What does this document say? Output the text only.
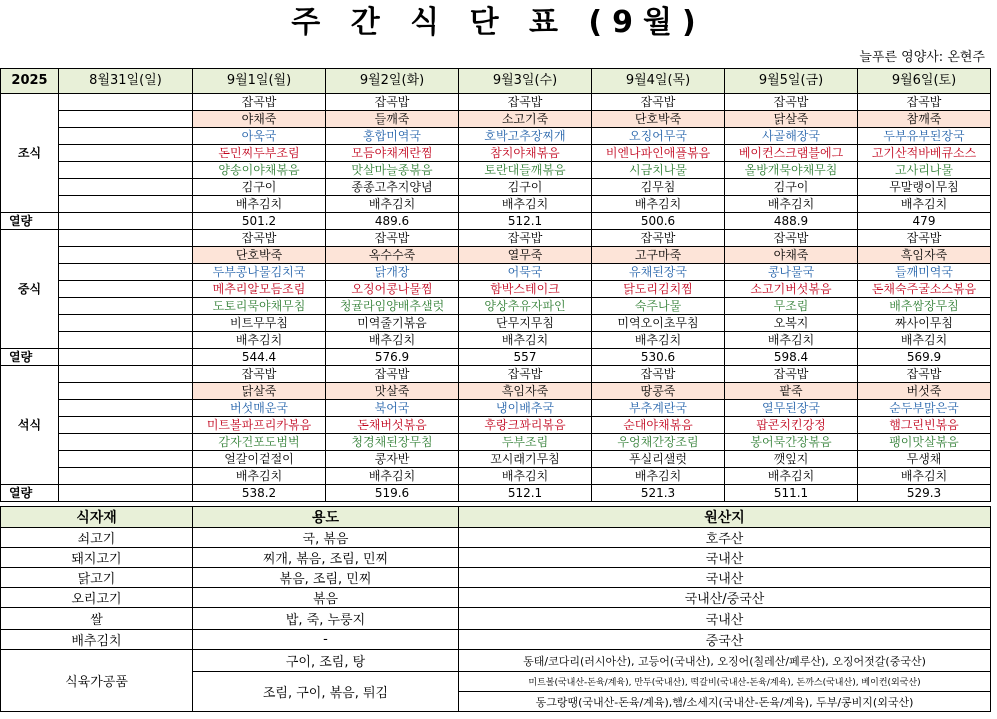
주 간 식 단 표 (9월)
늘푸른 영양사: 온현주
2025	8월31일(일)	9월1일(월)	9월2일(화)	9월3일(수)	9월4일(목)	9월5일(금)	9월6일(토)
조식		잡곡밥	잡곡밥	잡곡밥	잡곡밥	잡곡밥	잡곡밥
		야채죽	들깨죽	소고기죽	단호박죽	닭살죽	참깨죽
		아욱국	홍합미역국	호박고추장찌개	오징어무국	사골해장국	두부유부된장국
		돈민찌두부조림	모듬야채계란찜	참치야채볶음	비엔나파인애플볶음	베이컨스크램블에그	고기산적바베큐소스
		양송이야채볶음	맛살마늘종볶음	토란대들깨볶음	시금치나물	올방개묵야채무침	고사리나물
		김구이	종종고추지양념	김구이	김무침	김구이	무말랭이무침
		배추김치	배추김치	배추김치	배추김치	배추김치	배추김치
열량		501.2	489.6	512.1	500.6	488.9	479
중식		잡곡밥	잡곡밥	잡곡밥	잡곡밥	잡곡밥	잡곡밥
		단호박죽	옥수수죽	열무죽	고구마죽	야채죽	흑임자죽
		두부콩나물김치국	닭개장	어묵국	유채된장국	콩나물국	들깨미역국
		메추리알모듬조림	오징어콩나물찜	함박스테이크	닭도리김치찜	소고기버섯볶음	돈채숙주굴소스볶음
		도토리묵야채무침	청귤라임양배추샐럿	양상추유자파인	숙주나물	무조림	배추쌈장무침
		비트무무침	미역줄기볶음	단무지무침	미역오이초무침	오복지	짜사이무침
		배추김치	배추김치	배추김치	배추김치	배추김치	배추김치
열량		544.4	576.9	557	530.6	598.4	569.9
석식		잡곡밥	잡곡밥	잡곡밥	잡곡밥	잡곡밥	잡곡밥
		닭살죽	맛살죽	흑임자죽	땅콩죽	팥죽	버섯죽
		버섯매운국	북어국	냉이배추국	부추계란국	열무된장국	순두부맑은국
		미트볼파프리카볶음	돈채버섯볶음	후랑크꽈리볶음	순대야채볶음	팝콘치킨강정	햄그린빈볶음
		감자건포도범벅	청경채된장무침	두부조림	우엉채간장조림	봉어묵간장볶음	팽이맛살볶음
		얼갈이겉절이	콩자반	꼬시래기무침	푸실리샐럿	깻잎지	무생채
		배추김치	배추김치	배추김치	배추김치	배추김치	배추김치
열량		538.2	519.6	512.1	521.3	511.1	529.3
식자재	용도	원산지
쇠고기	국, 볶음	호주산
돼지고기	찌개, 볶음, 조림, 민찌	국내산
닭고기	볶음, 조림, 민찌	국내산
오리고기	볶음	국내산/중국산
쌀	밥, 죽, 누룽지	국내산
배추김치	-	중국산
식육가공품	구이, 조림, 탕	동태/코다리(러시아산), 고등어(국내산), 오징어(칠레산/페루산), 오징어젓갈(중국산)
	조림, 구이, 볶음, 튀김	미트볼(국내산-돈육/계육), 만두(국내산), 떡갈비(국내산-돈육/계육), 돈까스(국내산), 베이컨(외국산)
		동그랑땡(국내산-돈육/계육),햄/소세지(국내산-돈육/계육), 두부/콩비지(외국산)
